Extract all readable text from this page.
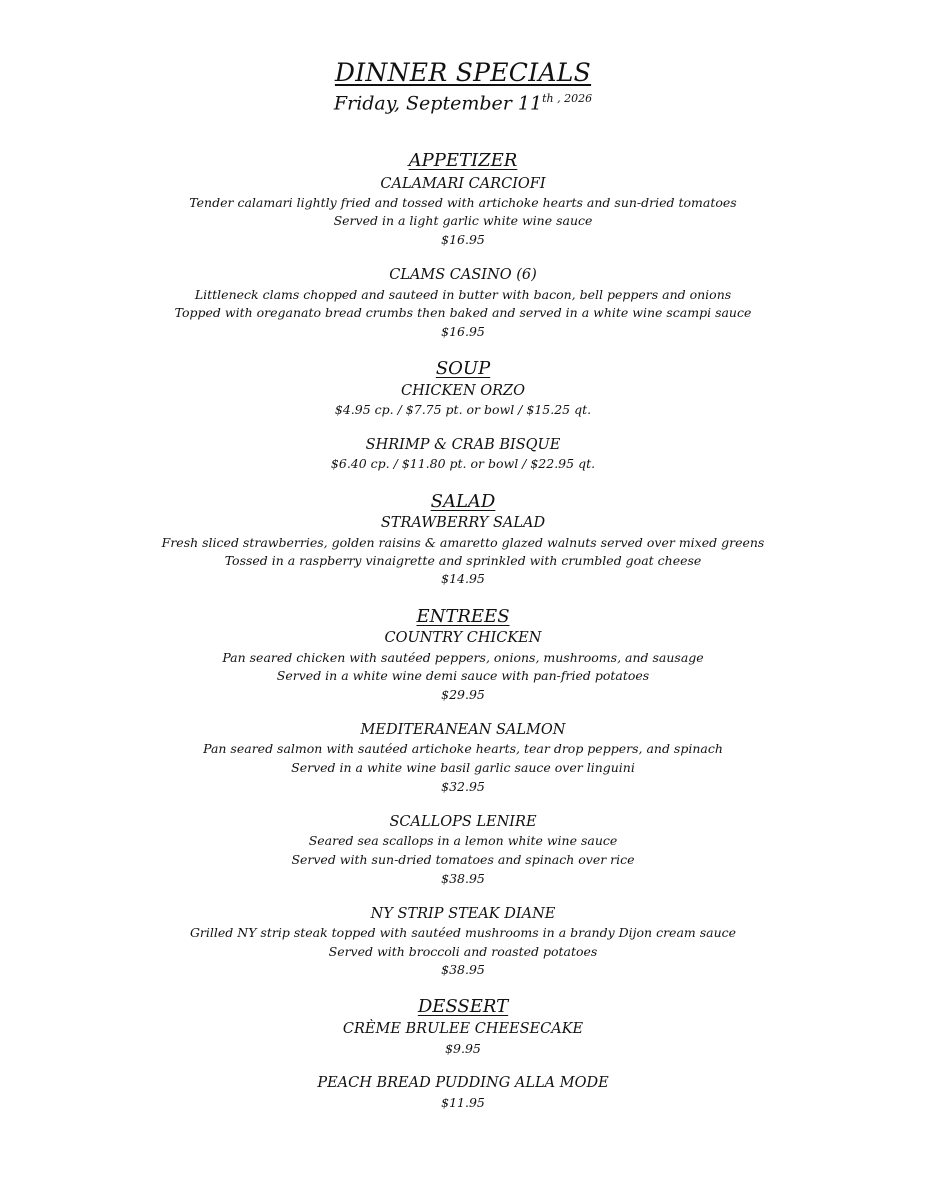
DINNER SPECIALS
Friday, September $11^{th , 2026}$
APPETIZER
CALAMARI CARCIOFI
Tender calamari lightly fried and tossed with artichoke hearts and sun-dried tomatoes
Served in a light garlic white wine sauce
$16.95
CLAMS CASINO (6)
Littleneck clams chopped and sauteed in butter with bacon, bell peppers and onions
Topped with oreganato bread crumbs then baked and served in a white wine scampi sauce
$16.95
SOUP
CHICKEN ORZO
$4.95 cp. / $7.75 pt. or bowl / $15.25 qt.
SHRIMP & CRAB BISQUE
$6.40 cp. / $11.80 pt. or bowl / $22.95 qt.
SALAD
STRAWBERRY SALAD
Fresh sliced strawberries, golden raisins & amaretto glazed walnuts served over mixed greens
Tossed in a raspberry vinaigrette and sprinkled with crumbled goat cheese
$14.95
ENTREES
COUNTRY CHICKEN
Pan seared chicken with sautéed peppers, onions, mushrooms, and sausage
Served in a white wine demi sauce with pan-fried potatoes
$29.95
MEDITERANEAN SALMON
Pan seared salmon with sautéed artichoke hearts, tear drop peppers, and spinach
Served in a white wine basil garlic sauce over linguini
$32.95
SCALLOPS LENIRE
Seared sea scallops in a lemon white wine sauce
Served with sun-dried tomatoes and spinach over rice
$38.95
NY STRIP STEAK DIANE
Grilled NY strip steak topped with sautéed mushrooms in a brandy Dijon cream sauce
Served with broccoli and roasted potatoes
$38.95
DESSERT
CRÈME BRULEE CHEESECAKE
$9.95
PEACH BREAD PUDDING ALLA MODE
$11.95
